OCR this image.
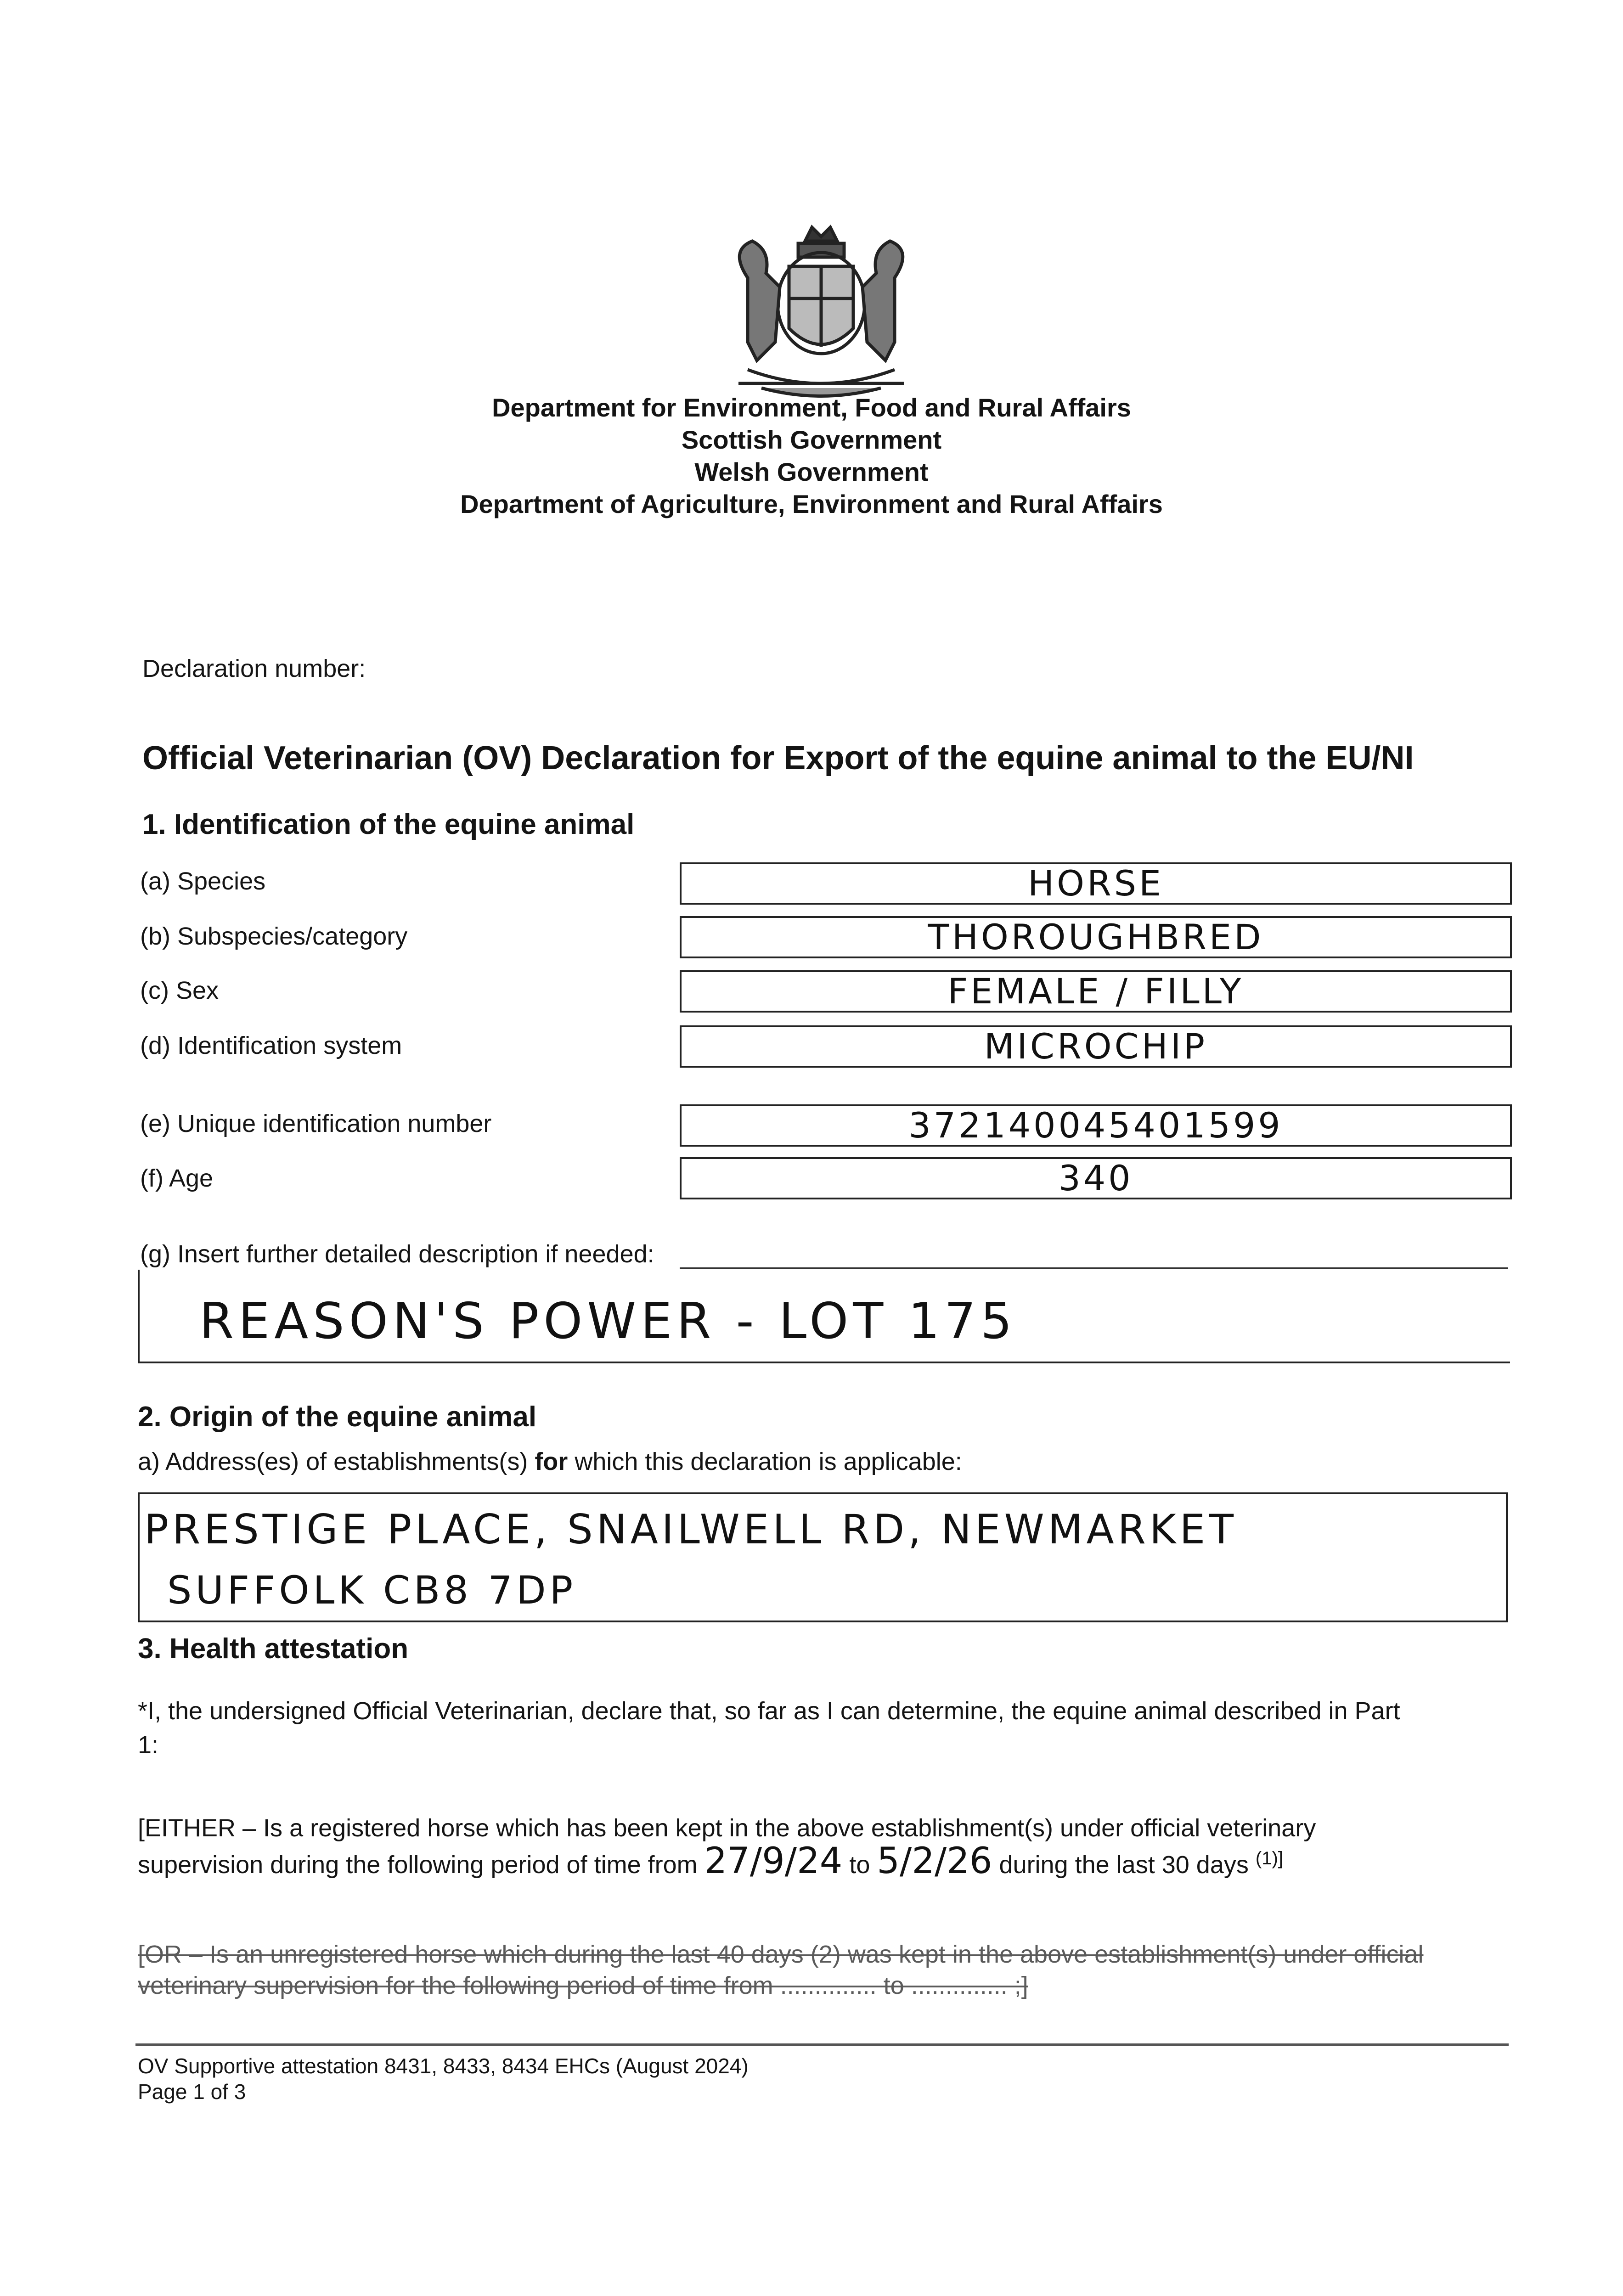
Department for Environment, Food and Rural Affairs
Scottish Government
Welsh Government
Department of Agriculture, Environment and Rural Affairs
Declaration number:
Official Veterinarian (OV) Declaration for Export of the equine animal to the EU/NI
1. Identification of the equine animal
(a) Species	HORSE
(b) Subspecies/category	THOROUGHBRED
(c) Sex	FEMALE / FILLY
(d) Identification system	MICROCHIP
(e) Unique identification number	372140045401599
(f) Age	340
(g) Insert further detailed description if needed:
REASON'S POWER - LOT 175
2. Origin of the equine animal
a) Address(es) of establishments(s) for which this declaration is applicable:
PRESTIGE PLACE, SNAILWELL RD, NEWMARKET
SUFFOLK CB8 7DP
3. Health attestation
*I, the undersigned Official Veterinarian, declare that, so far as I can determine, the equine animal described in Part
1:
[EITHER – Is a registered horse which has been kept in the above establishment(s) under official veterinary
supervision during the following period of time from 27/9/24 to 5/2/26 during the last 30 days $^{(1)]}$
[OR – Is an unregistered horse which during the last 40 days (2) was kept in the above establishment(s) under official
veterinary supervision for the following period of time from .............. to .............. ;]
OV Supportive attestation 8431, 8433, 8434 EHCs (August 2024)
Page 1 of 3
